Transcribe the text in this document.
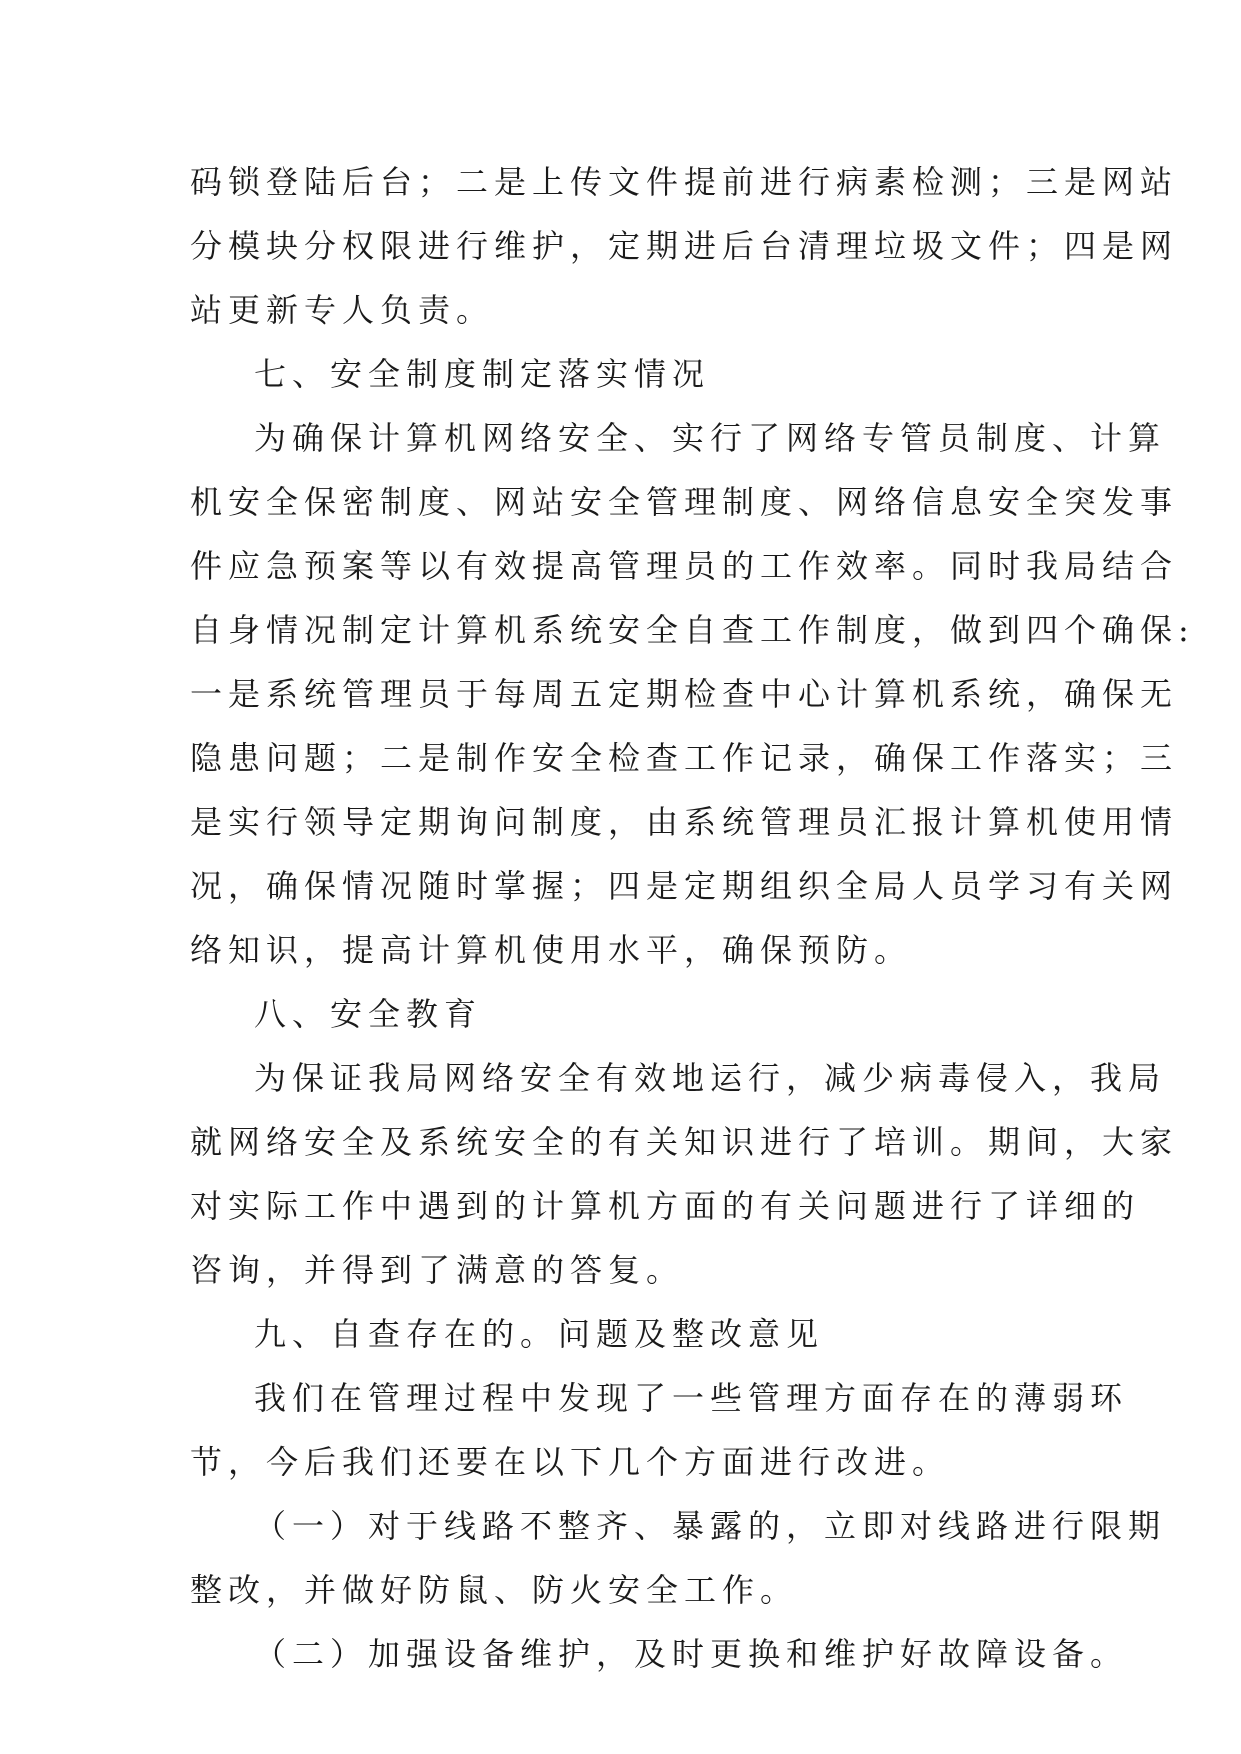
码锁登陆后台；二是上传文件提前进行病素检测；三是网站
分模块分权限进行维护，定期进后台清理垃圾文件；四是网
站更新专人负责。
七、安全制度制定落实情况
为确保计算机网络安全、实行了网络专管员制度、计算
机安全保密制度、网站安全管理制度、网络信息安全突发事
件应急预案等以有效提高管理员的工作效率。同时我局结合
自身情况制定计算机系统安全自查工作制度，做到四个确保:
一是系统管理员于每周五定期检查中心计算机系统，确保无
隐患问题；二是制作安全检查工作记录，确保工作落实；三
是实行领导定期询问制度，由系统管理员汇报计算机使用情
况，确保情况随时掌握；四是定期组织全局人员学习有关网
络知识，提高计算机使用水平，确保预防。
八、安全教育
为保证我局网络安全有效地运行，减少病毒侵入，我局
就网络安全及系统安全的有关知识进行了培训。期间，大家
对实际工作中遇到的计算机方面的有关问题进行了详细的
咨询，并得到了满意的答复。
九、自查存在的。问题及整改意见
我们在管理过程中发现了一些管理方面存在的薄弱环
节，今后我们还要在以下几个方面进行改进。
（一）对于线路不整齐、暴露的，立即对线路进行限期
整改，并做好防鼠、防火安全工作。
（二）加强设备维护，及时更换和维护好故障设备。
